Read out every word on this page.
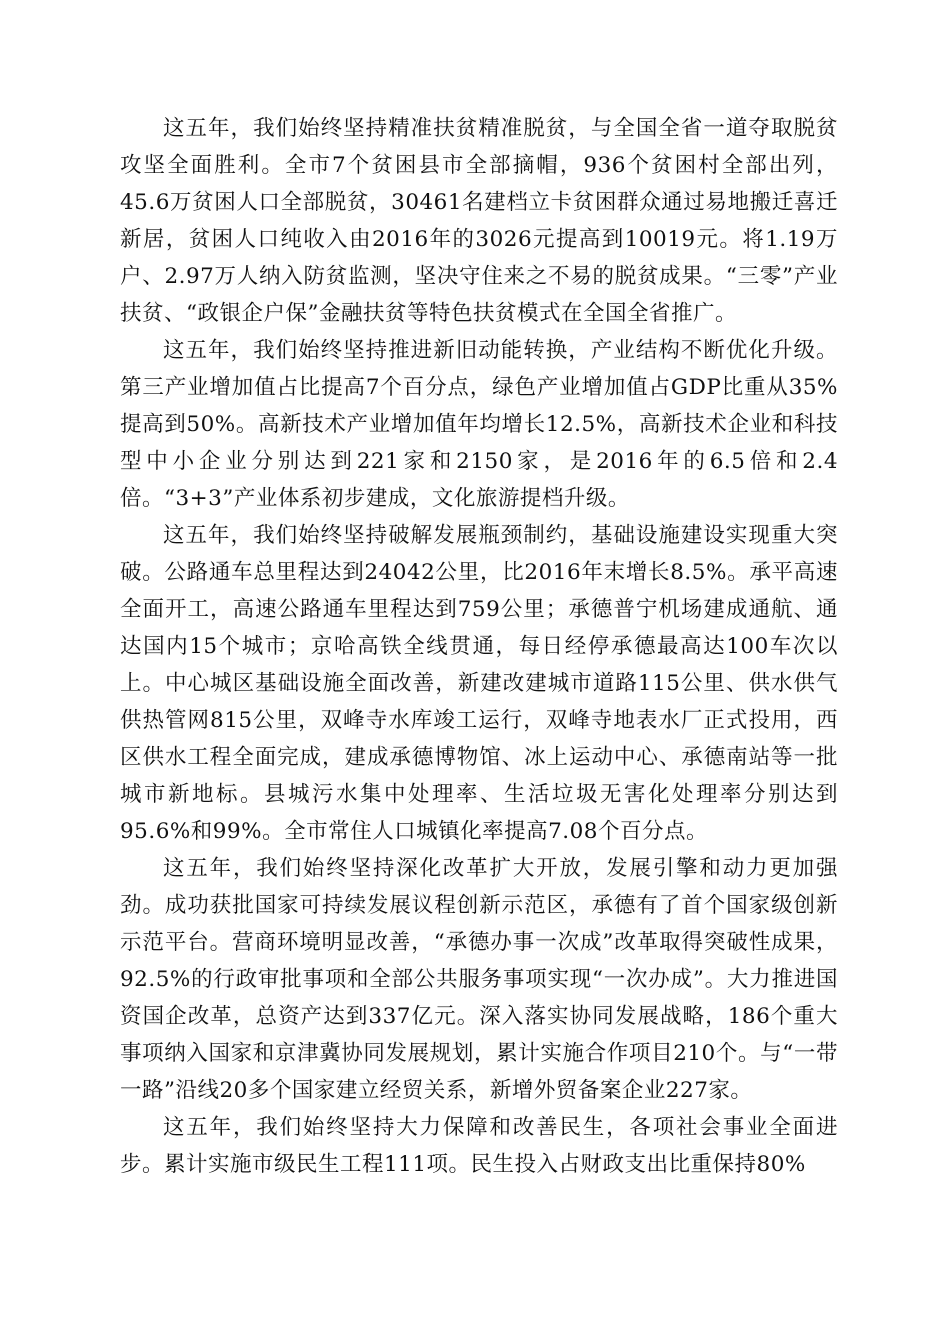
这五年，我们始终坚持精准扶贫精准脱贫，与全国全省一道夺取脱贫攻坚全面胜利。全市7个贫困县市全部摘帽，936个贫困村全部出列，45.6万贫困人口全部脱贫，30461名建档立卡贫困群众通过易地搬迁喜迁新居，贫困人口纯收入由2016年的3026元提高到10019元。将1.19万户、2.97万人纳入防贫监测，坚决守住来之不易的脱贫成果。“三零”产业扶贫、“政银企户保”金融扶贫等特色扶贫模式在全国全省推广。

这五年，我们始终坚持推进新旧动能转换，产业结构不断优化升级。第三产业增加值占比提高7个百分点，绿色产业增加值占GDP比重从35%提高到50%。高新技术产业增加值年均增长12.5%，高新技术企业和科技型中小企业分别达到221家和2150家，是2016年的6.5倍和2.4倍。“3+3”产业体系初步建成，文化旅游提档升级。

这五年，我们始终坚持破解发展瓶颈制约，基础设施建设实现重大突破。公路通车总里程达到24042公里，比2016年末增长8.5%。承平高速全面开工，高速公路通车里程达到759公里；承德普宁机场建成通航、通达国内15个城市；京哈高铁全线贯通，每日经停承德最高达100车次以上。中心城区基础设施全面改善，新建改建城市道路115公里、供水供气供热管网815公里，双峰寺水库竣工运行，双峰寺地表水厂正式投用，西区供水工程全面完成，建成承德博物馆、冰上运动中心、承德南站等一批城市新地标。县城污水集中处理率、生活垃圾无害化处理率分别达到95.6%和99%。全市常住人口城镇化率提高7.08个百分点。

这五年，我们始终坚持深化改革扩大开放，发展引擎和动力更加强劲。成功获批国家可持续发展议程创新示范区，承德有了首个国家级创新示范平台。营商环境明显改善，“承德办事一次成”改革取得突破性成果，92.5%的行政审批事项和全部公共服务事项实现“一次办成”。大力推进国资国企改革，总资产达到337亿元。深入落实协同发展战略，186个重大事项纳入国家和京津冀协同发展规划，累计实施合作项目210个。与“一带一路”沿线20多个国家建立经贸关系，新增外贸备案企业227家。

这五年，我们始终坚持大力保障和改善民生，各项社会事业全面进步。累计实施市级民生工程111项。民生投入占财政支出比重保持80%
